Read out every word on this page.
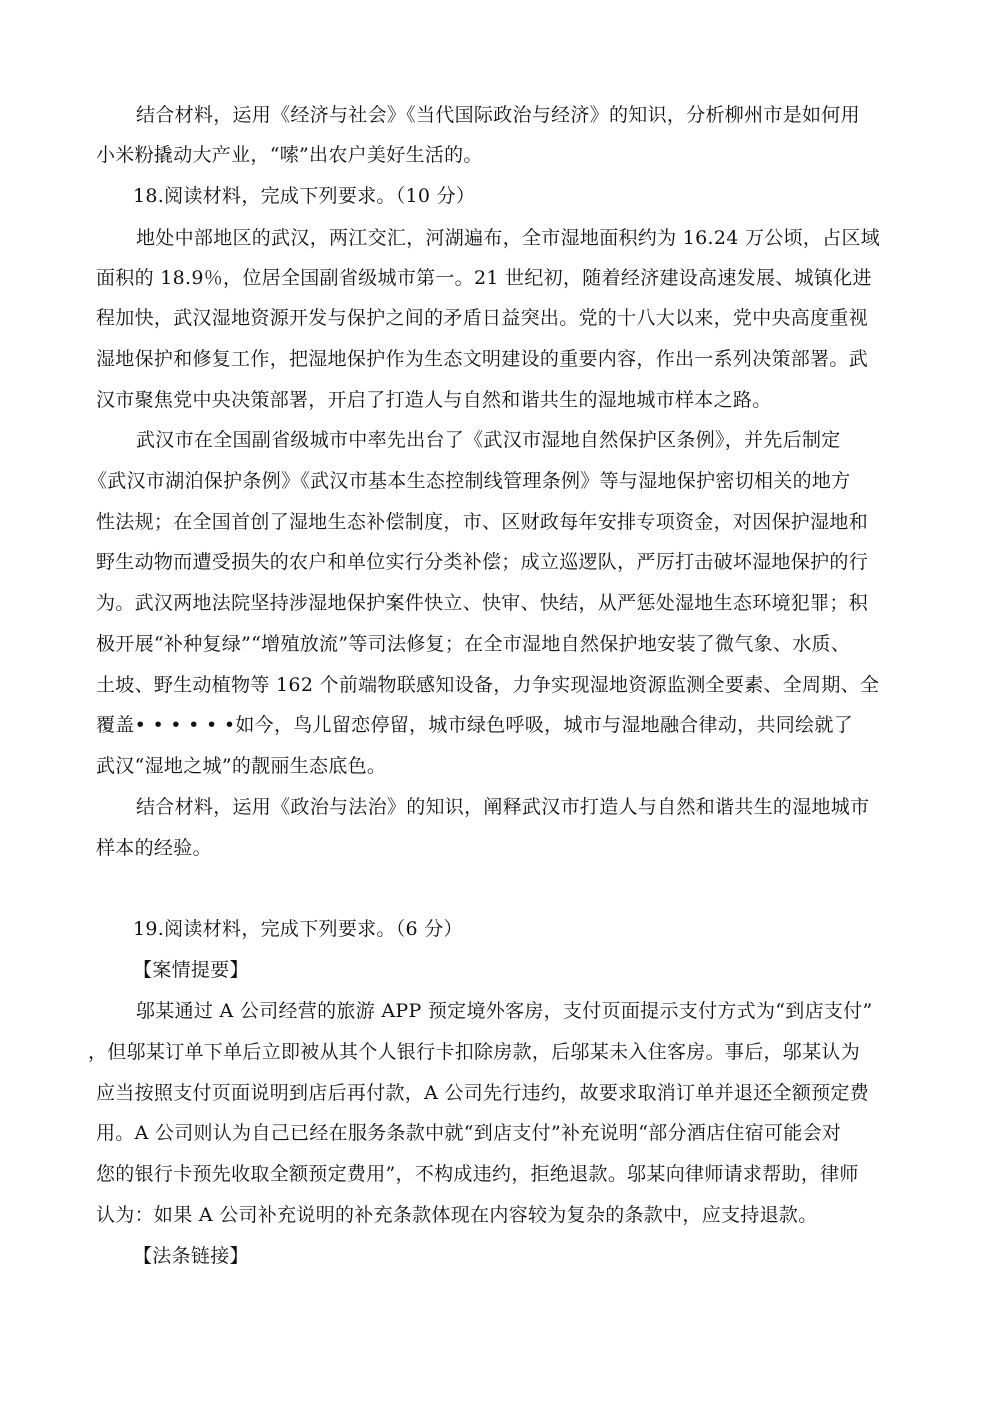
结合材料，运用《经济与社会》《当代国际政治与经济》的知识，分析柳州市是如何用
小米粉撬动大产业，“嗦”出农户美好生活的。
18.阅读材料，完成下列要求。（10 分）
地处中部地区的武汉，两江交汇，河湖遍布，全市湿地面积约为 16.24 万公顷，占区域
面积的 18.9％，位居全国副省级城市第一。21 世纪初，随着经济建设高速发展、城镇化进
程加快，武汉湿地资源开发与保护之间的矛盾日益突出。党的十八大以来，党中央高度重视
湿地保护和修复工作，把湿地保护作为生态文明建设的重要内容，作出一系列决策部署。武
汉市聚焦党中央决策部署，开启了打造人与自然和谐共生的湿地城市样本之路。
武汉市在全国副省级城市中率先出台了《武汉市湿地自然保护区条例》，并先后制定
《武汉市湖泊保护条例》《武汉市基本生态控制线管理条例》等与湿地保护密切相关的地方
性法规；在全国首创了湿地生态补偿制度，市、区财政每年安排专项资金，对因保护湿地和
野生动物而遭受损失的农户和单位实行分类补偿；成立巡逻队，严厉打击破坏湿地保护的行
为。武汉两地法院坚持涉湿地保护案件快立、快审、快结，从严惩处湿地生态环境犯罪；积
极开展“补种复绿”“增殖放流”等司法修复；在全市湿地自然保护地安装了微气象、水质、
土坡、野生动植物等 162 个前端物联感知设备，力争实现湿地资源监测全要素、全周期、全
覆盖• • • • • •如今，鸟儿留恋停留，城市绿色呼吸，城市与湿地融合律动，共同绘就了
武汉“湿地之城”的靓丽生态底色。
结合材料，运用《政治与法治》的知识，阐释武汉市打造人与自然和谐共生的湿地城市
样本的经验。
19.阅读材料，完成下列要求。（6 分）
【案情提要】
邬某通过 A 公司经营的旅游 APP 预定境外客房，支付页面提示支付方式为“到店支付”
，但邬某订单下单后立即被从其个人银行卡扣除房款，后邬某未入住客房。事后，邬某认为
应当按照支付页面说明到店后再付款，A 公司先行违约，故要求取消订单并退还全额预定费
用。A 公司则认为自己已经在服务条款中就“到店支付”补充说明“部分酒店住宿可能会对
您的银行卡预先收取全额预定费用”，不构成违约，拒绝退款。邬某向律师请求帮助，律师
认为：如果 A 公司补充说明的补充条款体现在内容较为复杂的条款中，应支持退款。
【法条链接】
